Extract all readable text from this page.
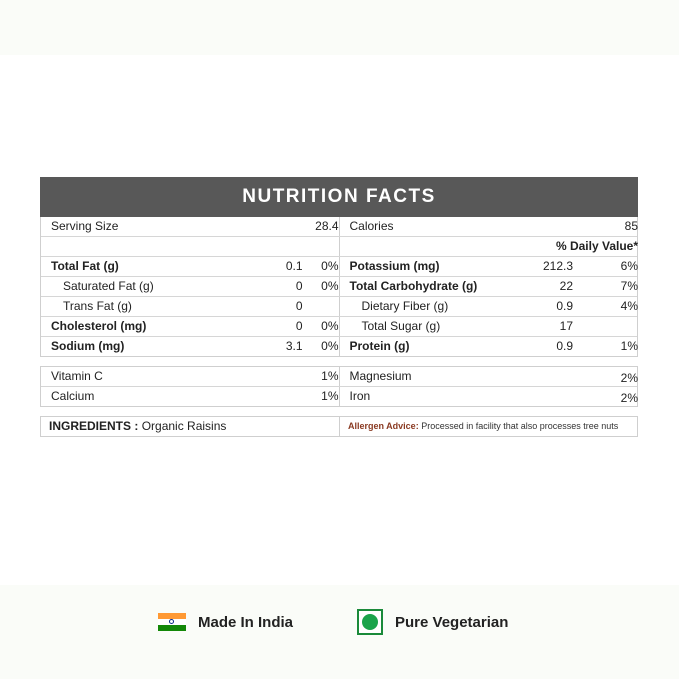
NUTRITION FACTS
Serving Size	28.4 Calories	85
% Daily Value*
Total Fat (g)	0.1 0% Potassium (mg)	212.3	6%
Saturated Fat (g)	0 0% Total Carbohydrate (g)	22	7%
Trans Fat (g)	0	Dietary Fiber (g)	0.9	4%
Cholesterol (mg)	0 0% Total Sugar (g)	17
Sodium (mg)	3.1 0% Protein (g)	0.9	1%
Vitamin C	1% Magnesium	2%
Calcium	1% Iron	2%
INGREDIENTS : Organic Raisins	Allergen Advice: Processed in facility that also processes tree nuts
Made In India	Pure Vegetarian
